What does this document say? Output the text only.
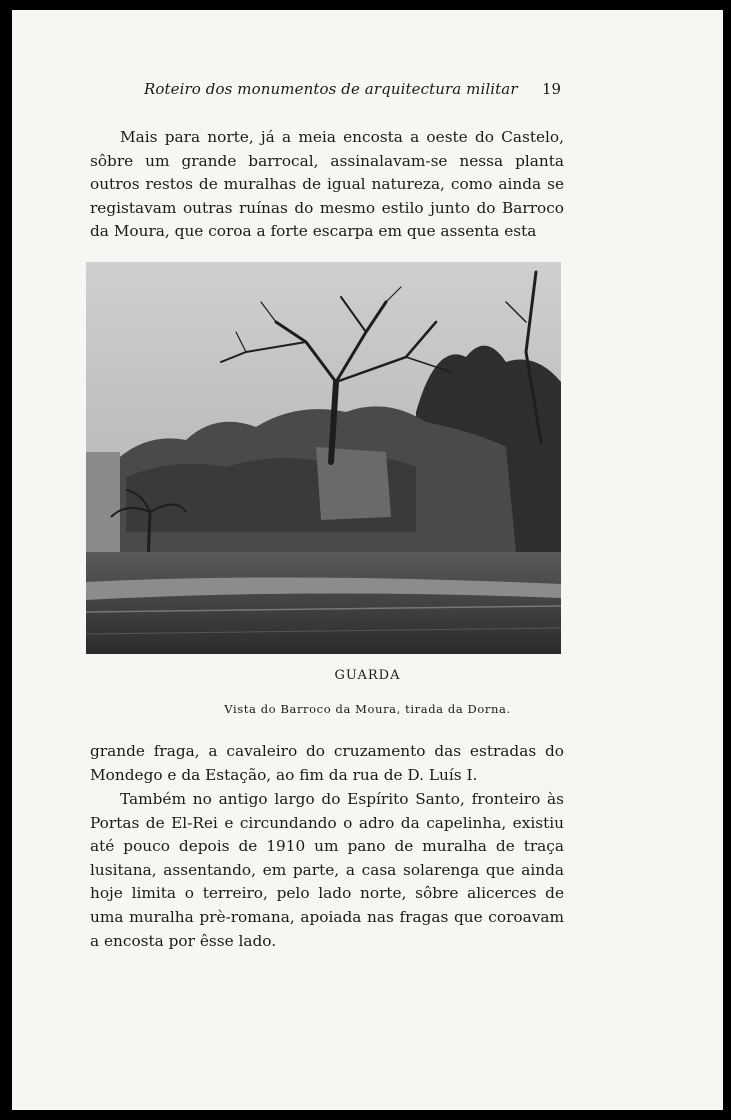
Roteiro dos monumentos de arquitectura militar 19

Mais para norte, já a meia encosta a oeste do Castelo, sôbre um grande barrocal, assinalavam-se nessa planta outros restos de muralhas de igual natureza, como ainda se registavam outras ruínas do mesmo estilo junto do Barroco da Moura, que coroa a forte escarpa em que assenta esta

GUARDA
Vista do Barroco da Moura, tirada da Dorna.

grande fraga, a cavaleiro do cruzamento das estradas do Mondego e da Estação, ao fim da rua de D. Luís I.

Também no antigo largo do Espírito Santo, fronteiro às Portas de El-Rei e circundando o adro da capelinha, existiu até pouco depois de 1910 um pano de muralha de traça lusitana, assentando, em parte, a casa solarenga que ainda hoje limita o terreiro, pelo lado norte, sôbre alicerces de uma muralha prè-romana, apoiada nas fragas que coroavam a encosta por êsse lado.
